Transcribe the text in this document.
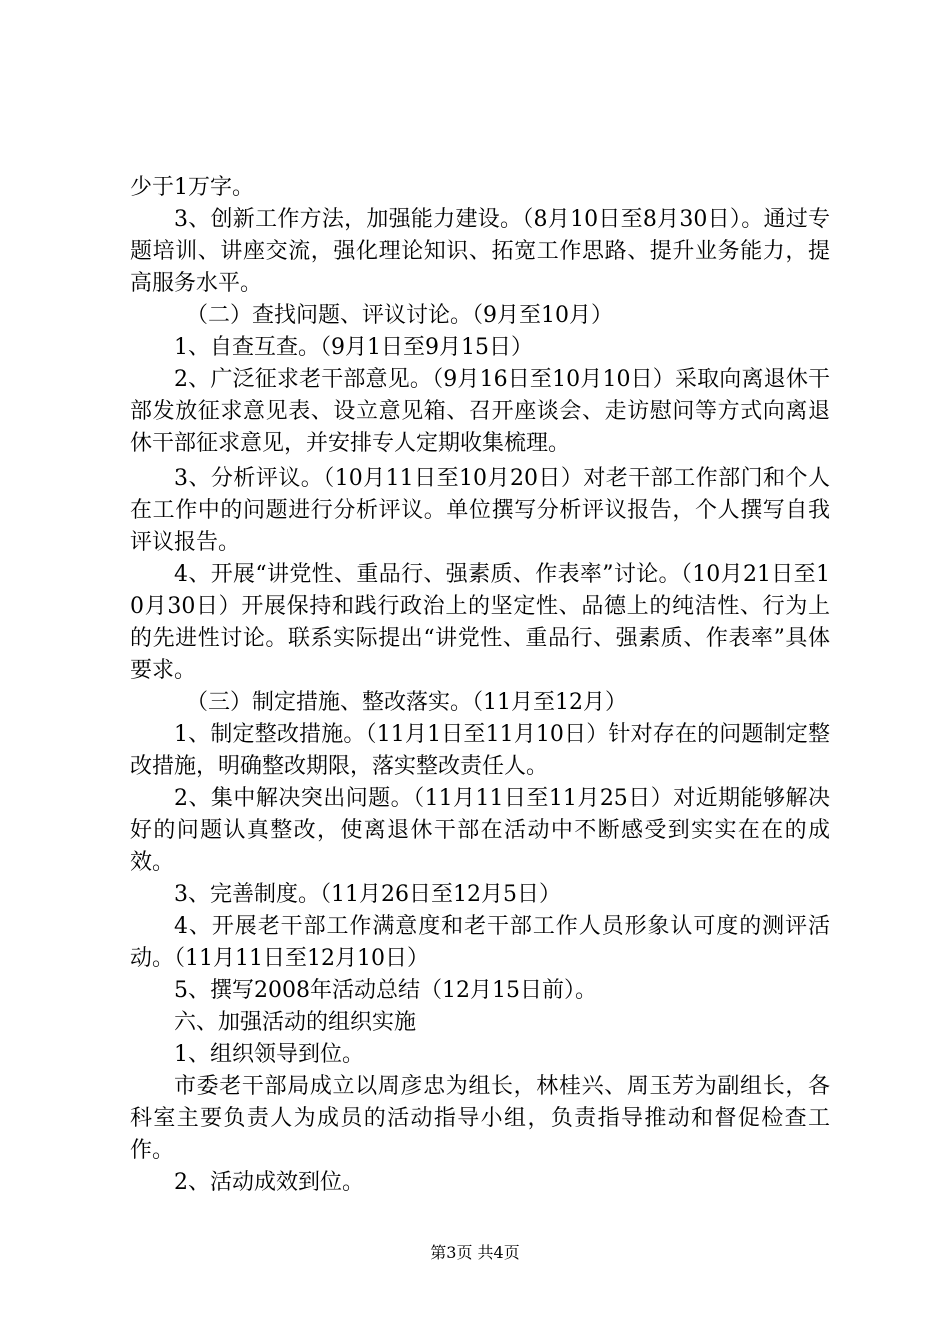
少于1万字。

3、创新工作方法，加强能力建设。（8月10日至8月30日）。通过专题培训、讲座交流，强化理论知识、拓宽工作思路、提升业务能力，提高服务水平。

（二）查找问题、评议讨论。（9月至10月）

1、自查互查。（9月1日至9月15日）

2、广泛征求老干部意见。（9月16日至10月10日）采取向离退休干部发放征求意见表、设立意见箱、召开座谈会、走访慰问等方式向离退休干部征求意见，并安排专人定期收集梳理。

3、分析评议。（10月11日至10月20日）对老干部工作部门和个人在工作中的问题进行分析评议。单位撰写分析评议报告，个人撰写自我评议报告。

4、开展“讲党性、重品行、强素质、作表率”讨论。（10月21日至10月30日）开展保持和践行政治上的坚定性、品德上的纯洁性、行为上的先进性讨论。联系实际提出“讲党性、重品行、强素质、作表率”具体要求。

（三）制定措施、整改落实。（11月至12月）

1、制定整改措施。（11月1日至11月10日）针对存在的问题制定整改措施，明确整改期限，落实整改责任人。

2、集中解决突出问题。（11月11日至11月25日）对近期能够解决好的问题认真整改，使离退休干部在活动中不断感受到实实在在的成效。

3、完善制度。（11月26日至12月5日）

4、开展老干部工作满意度和老干部工作人员形象认可度的测评活动。（11月11日至12月10日）

5、撰写2008年活动总结（12月15日前）。

六、加强活动的组织实施

1、组织领导到位。

市委老干部局成立以周彦忠为组长，林桂兴、周玉芳为副组长，各科室主要负责人为成员的活动指导小组，负责指导推动和督促检查工作。

2、活动成效到位。

第3页 共4页
